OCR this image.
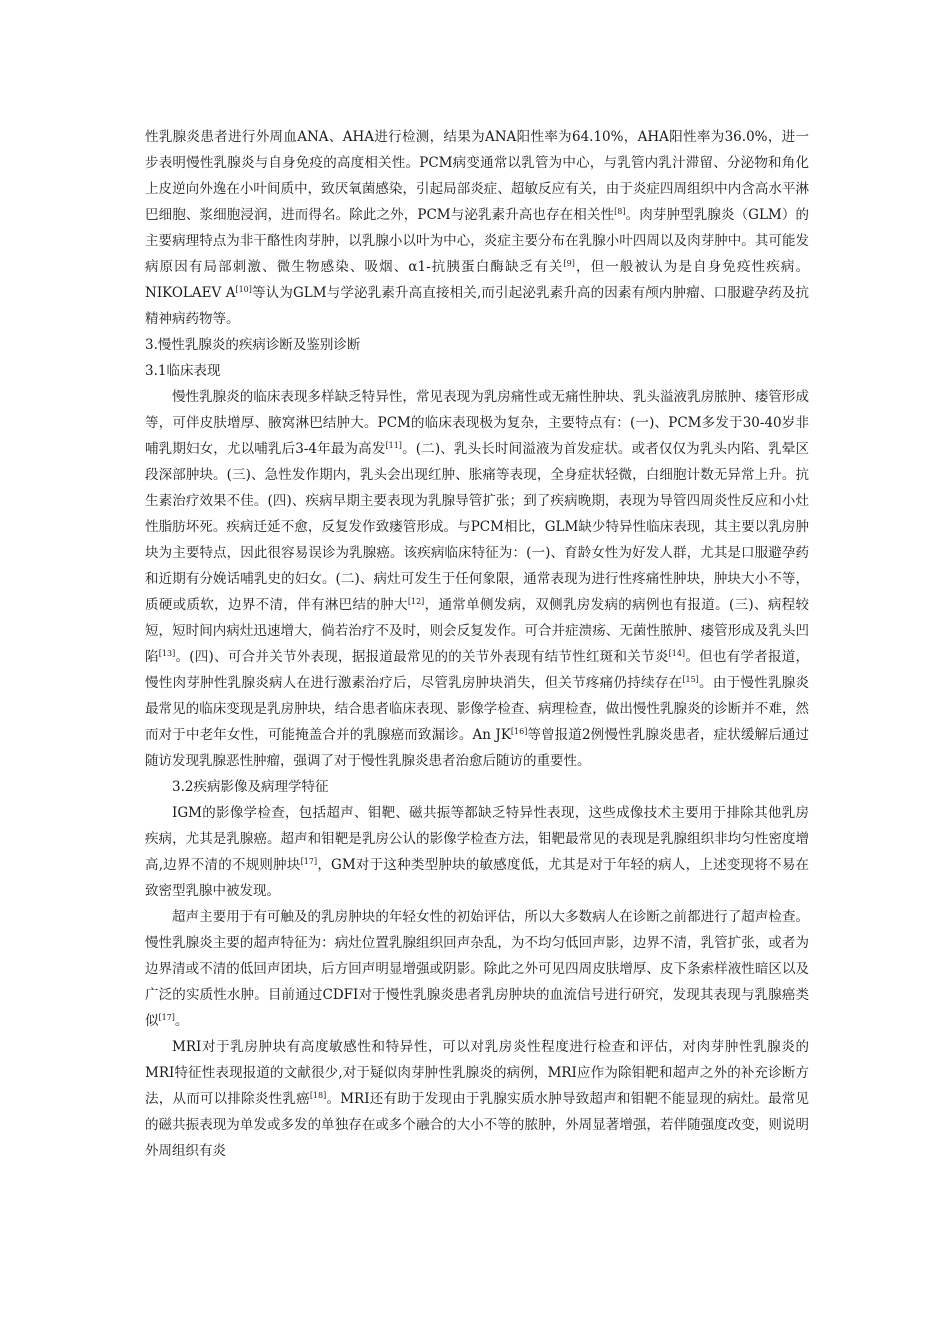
性乳腺炎患者进行外周血ANA、AHA进行检测，结果为ANA阳性率为64.10%，AHA阳性率为36.0%，进一步表明慢性乳腺炎与自身免疫的高度相关性。PCM病变通常以乳管为中心，与乳管内乳汁滞留、分泌物和角化上皮逆向外逸在小叶间质中，致厌氧菌感染，引起局部炎症、超敏反应有关，由于炎症四周组织中内含高水平淋巴细胞、浆细胞浸润，进而得名。除此之外，PCM与泌乳素升高也存在相关性[8]。肉芽肿型乳腺炎（GLM）的主要病理特点为非干酪性肉芽肿，以乳腺小以叶为中心，炎症主要分布在乳腺小叶四周以及肉芽肿中。其可能发病原因有局部刺激、微生物感染、吸烟、α1-抗胰蛋白酶缺乏有关[9]，但一般被认为是自身免疫性疾病。NIKOLAEV A[10]等认为GLM与学泌乳素升高直接相关,而引起泌乳素升高的因素有颅内肿瘤、口服避孕药及抗精神病药物等。

3.慢性乳腺炎的疾病诊断及鉴别诊断
3.1临床表现

慢性乳腺炎的临床表现多样缺乏特异性，常见表现为乳房痛性或无痛性肿块、乳头溢液乳房脓肿、瘘管形成等，可伴皮肤增厚、腋窝淋巴结肿大。PCM的临床表现极为复杂，主要特点有：(一)、PCM多发于30-40岁非哺乳期妇女，尤以哺乳后3-4年最为高发[11]。(二)、乳头长时间溢液为首发症状。或者仅仅为乳头内陷、乳晕区段深部肿块。(三)、急性发作期内，乳头会出现红肿、胀痛等表现，全身症状轻微，白细胞计数无异常上升。抗生素治疗效果不佳。(四)、疾病早期主要表现为乳腺导管扩张；到了疾病晚期，表现为导管四周炎性反应和小灶性脂肪坏死。疾病迁延不愈，反复发作致瘘管形成。与PCM相比，GLM缺少特异性临床表现，其主要以乳房肿块为主要特点，因此很容易误诊为乳腺癌。该疾病临床特征为：(一)、育龄女性为好发人群，尤其是口服避孕药和近期有分娩话哺乳史的妇女。(二)、病灶可发生于任何象限，通常表现为进行性疼痛性肿块，肿块大小不等，质硬或质软，边界不清，伴有淋巴结的肿大[12]，通常单侧发病，双侧乳房发病的病例也有报道。(三)、病程较短，短时间内病灶迅速增大，倘若治疗不及时，则会反复发作。可合并症溃疡、无菌性脓肿、瘘管形成及乳头凹陷[13]。(四)、可合并关节外表现，据报道最常见的的关节外表现有结节性红斑和关节炎[14]。但也有学者报道，慢性肉芽肿性乳腺炎病人在进行激素治疗后，尽管乳房肿块消失，但关节疼痛仍持续存在[15]。由于慢性乳腺炎最常见的临床变现是乳房肿块，结合患者临床表现、影像学检查、病理检查，做出慢性乳腺炎的诊断并不难，然而对于中老年女性，可能掩盖合并的乳腺癌而致漏诊。An JK[16]等曾报道2例慢性乳腺炎患者，症状缓解后通过随访发现乳腺恶性肿瘤，强调了对于慢性乳腺炎患者治愈后随访的重要性。

3.2疾病影像及病理学特征

IGM的影像学检查，包括超声、钼靶、磁共振等都缺乏特异性表现，这些成像技术主要用于排除其他乳房疾病，尤其是乳腺癌。超声和钼靶是乳房公认的影像学检查方法，钼靶最常见的表现是乳腺组织非均匀性密度增高,边界不清的不规则肿块[17]，GM对于这种类型肿块的敏感度低，尤其是对于年轻的病人，上述变现将不易在致密型乳腺中被发现。

超声主要用于有可触及的乳房肿块的年轻女性的初始评估，所以大多数病人在诊断之前都进行了超声检查。慢性乳腺炎主要的超声特征为：病灶位置乳腺组织回声杂乱，为不均匀低回声影，边界不清，乳管扩张，或者为边界清或不清的低回声团块，后方回声明显增强或阴影。除此之外可见四周皮肤增厚、皮下条索样液性暗区以及广泛的实质性水肿。目前通过CDFI对于慢性乳腺炎患者乳房肿块的血流信号进行研究，发现其表现与乳腺癌类似[17]。

MRI对于乳房肿块有高度敏感性和特异性，可以对乳房炎性程度进行检查和评估，对肉芽肿性乳腺炎的MRI特征性表现报道的文献很少,对于疑似肉芽肿性乳腺炎的病例，MRI应作为除钼靶和超声之外的补充诊断方法，从而可以排除炎性乳癌[18]。MRI还有助于发现由于乳腺实质水肿导致超声和钼靶不能显现的病灶。最常见的磁共振表现为单发或多发的单独存在或多个融合的大小不等的脓肿，外周显著增强，若伴随强度改变，则说明外周组织有炎
